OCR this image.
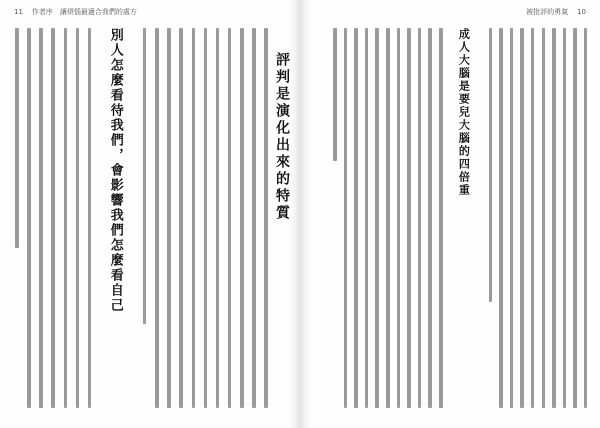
11 作者序　讓煩惱最適合我們的處方
評判是演化出來的特質
別人怎麼看待我們，會影響我們怎麼看自己
被批評的勇氣 10
成人大腦是要兒大腦的四倍重
